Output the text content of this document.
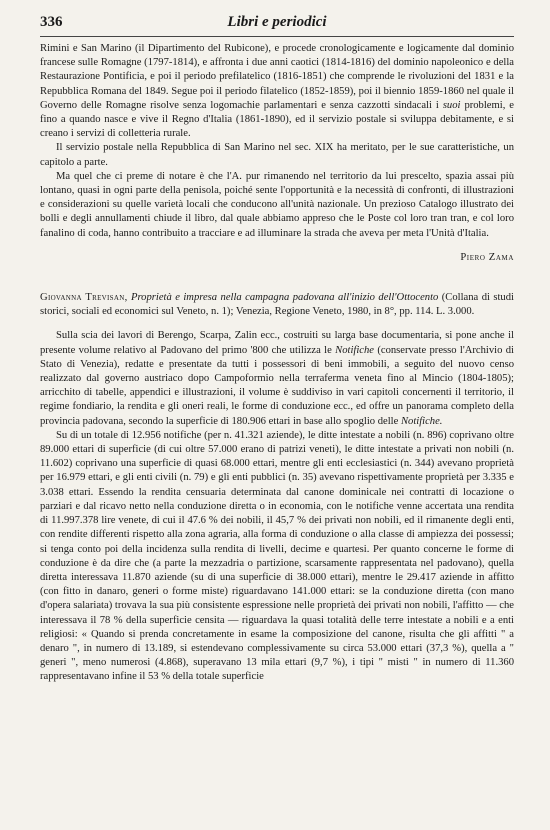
336	Libri e periodici

Rimini e San Marino (il Dipartimento del Rubicone), e procede cronologicamente e logicamente dal dominio francese sulle Romagne (1797-1814), e affronta i due anni caotici (1814-1816) del dominio napoleonico e della Restaurazione Pontificia, e poi il periodo prefilatelico (1816-1851) che comprende le rivoluzioni del 1831 e la Repubblica Romana del 1849. Segue poi il periodo filatelico (1852-1859), poi il biennio 1859-1860 nel quale il Governo delle Romagne risolve senza logomachie parlamentari e senza cazzotti sindacali i suoi problemi, e fino a quando nasce e vive il Regno d'Italia (1861-1890), ed il servizio postale si sviluppa debitamente, e si creano i servizi di colletteria rurale.

Il servizio postale nella Repubblica di San Marino nel sec. XIX ha meritato, per le sue caratteristiche, un capitolo a parte.

Ma quel che ci preme di notare è che l'A. pur rimanendo nel territorio da lui prescelto, spazia assai più lontano, quasi in ogni parte della penisola, poiché sente l'opportunità e la necessità di confronti, di illustrazioni e considerazioni su quelle varietà locali che conducono all'unità nazionale. Un prezioso Catalogo illustrato dei bolli e degli annullamenti chiude il libro, dal quale abbiamo appreso che le Poste col loro tran tran, e col loro fanalino di coda, hanno contribuito a tracciare e ad illuminare la strada che aveva per meta l'Unità d'Italia.

Piero Zama

Giovanna Trevisan, Proprietà e impresa nella campagna padovana all'inizio dell'Ottocento (Collana di studi storici, sociali ed economici sul Veneto, n. 1); Venezia, Regione Veneto, 1980, in 8°, pp. 114. L. 3.000.

Sulla scia dei lavori di Berengo, Scarpa, Zalin ecc., costruiti su larga base documentaria, si pone anche il presente volume relativo al Padovano del primo '800 che utilizza le Notifiche (conservate presso l'Archivio di Stato di Venezia), redatte e presentate da tutti i possessori di beni immobili, a seguito del nuovo censo realizzato dal governo austriaco dopo Campoformio nella terraferma veneta fino al Mincio (1804-1805); arricchito di tabelle, appendici e illustrazioni, il volume è suddiviso in vari capitoli concernenti il territorio, il regime fondiario, la rendita e gli oneri reali, le forme di conduzione ecc., ed offre un panorama completo della provincia padovana, secondo la superficie di 180.906 ettari in base allo spoglio delle Notifiche.

Su di un totale di 12.956 notifiche (per n. 41.321 aziende), le ditte intestate a nobili (n. 896) coprivano oltre 89.000 ettari di superficie (di cui oltre 57.000 erano di patrizi veneti), le ditte intestate a privati non nobili (n. 11.602) coprivano una superficie di quasi 68.000 ettari, mentre gli enti ecclesiastici (n. 344) avevano proprietà per 16.979 ettari, e gli enti civili (n. 79) e gli enti pubblici (n. 35) avevano rispettivamente proprietà per 3.335 e 3.038 ettari. Essendo la rendita censuaria determinata dal canone dominicale nei contratti di locazione o parziari e dal ricavo netto nella conduzione diretta o in economia, con le notifiche venne accertata una rendita di 11.997.378 lire venete, di cui il 47.6 % dei nobili, il 45,7 % dei privati non nobili, ed il rimanente degli enti, con rendite differenti rispetto alla zona agraria, alla forma di conduzione o alla classe di ampiezza dei possessi; si tenga conto poi della incidenza sulla rendita di livelli, decime e quartesi. Per quanto concerne le forme di conduzione è da dire che (a parte la mezzadria o partizione, scarsamente rappresentata nel padovano), quella diretta interessava 11.870 aziende (su di una superficie di 38.000 ettari), mentre le 29.417 aziende in affitto (con fitto in danaro, generi o forme miste) riguardavano 141.000 ettari: se la conduzione diretta (con mano d'opera salariata) trovava la sua più consistente espressione nelle proprietà dei privati non nobili, l'affitto — che interessava il 78 % della superficie censita — riguardava la quasi totalità delle terre intestate a nobili e a enti religiosi: « Quando si prenda concretamente in esame la composizione del canone, risulta che gli affitti " a denaro ", in numero di 13.189, si estendevano complessivamente su circa 53.000 ettari (37,3 %), quella a " generi ", meno numerosi (4.868), superavano 13 mila ettari (9,7 %), i tipi " misti " in numero di 11.360 rappresentavano infine il 53 % della totale superficie
